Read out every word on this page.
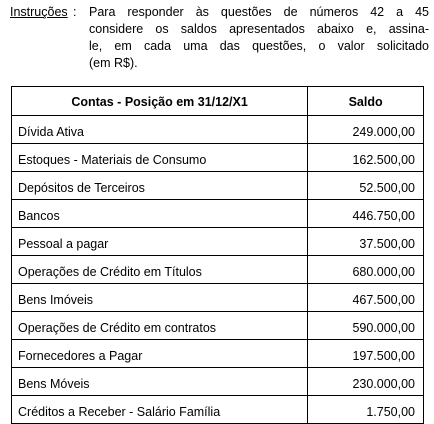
Instruções : Para responder às questões de números 42 a 45
considere os saldos apresentados abaixo e, assina-
le, em cada uma das questões, o valor solicitado
(em R$).
Contas - Posição em 31/12/X1	Saldo
Dívida Ativa	249.000,00
Estoques - Materiais de Consumo	162.500,00
Depósitos de Terceiros	52.500,00
Bancos	446.750,00
Pessoal a pagar	37.500,00
Operações de Crédito em Títulos	680.000,00
Bens Imóveis	467.500,00
Operações de Crédito em contratos	590.000,00
Fornecedores a Pagar	197.500,00
Bens Móveis	230.000,00
Créditos a Receber - Salário Família	1.750,00
